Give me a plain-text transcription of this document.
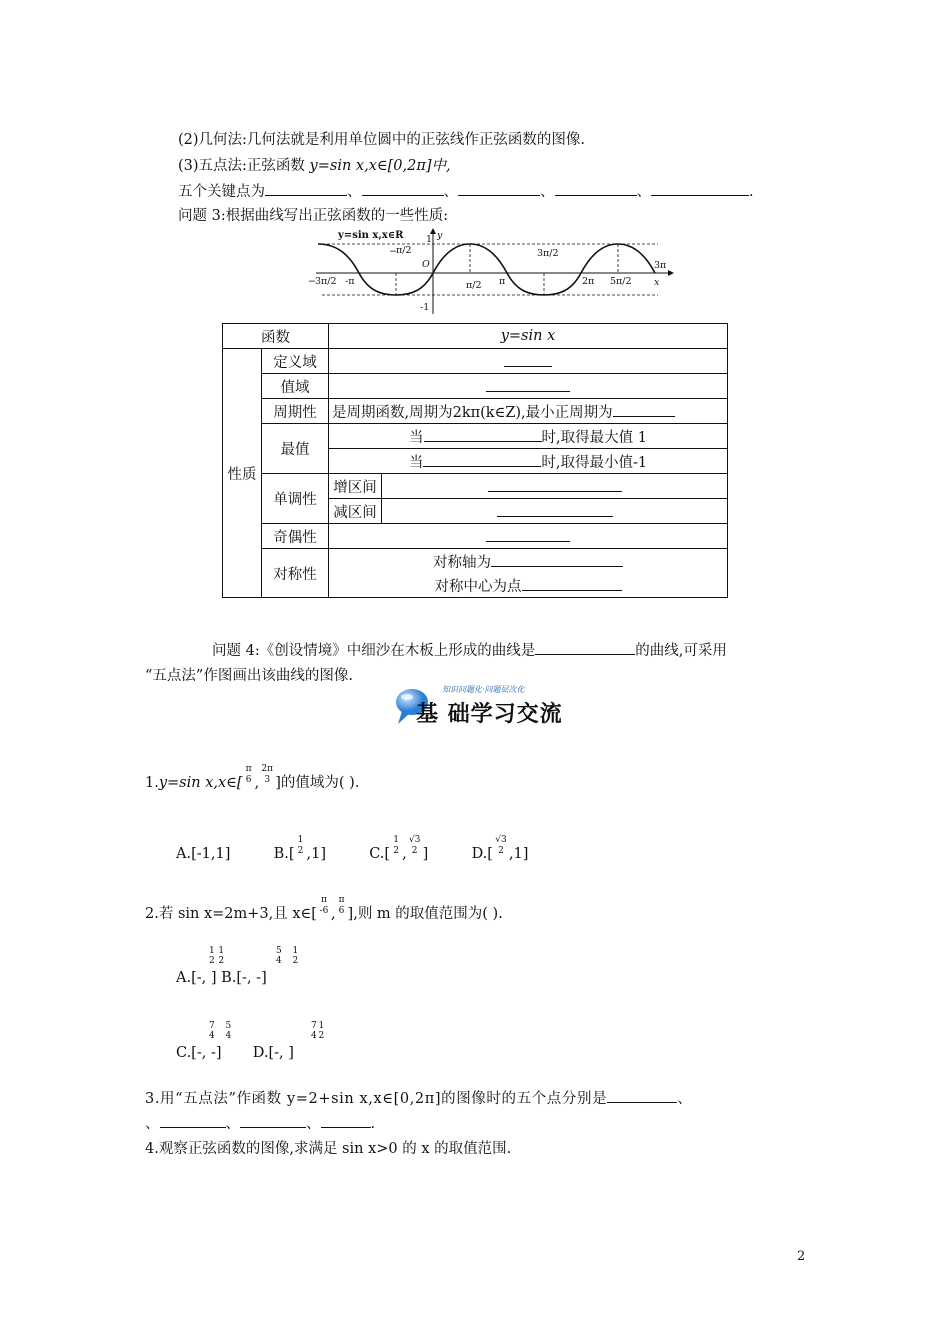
(2)几何法:几何法就是利用单位圆中的正弦线作正弦函数的图像.
(3)五点法:正弦函数 y=sin x,x∈[0,2π]中,
五个关键点为	、	、	、	、	.
问题 3:根据曲线写出正弦函数的一些性质:
y=sin x,x∈R 1
-1
O
y
x
− π/2
-π
− 3π/2	π/2 π
3π/2
2π 5π/2
3π
函数		y=sin x	
性质	定义域		
	值域		
	周期性	是周期函数,周期为2kπ(k∈Z),最小正周期为	
	最值	当 时,取得最大值 1	
		当 时,取得最小值-1	
	单调性	增区间	
		减区间	
	奇偶性		
	对称性	对称轴为	
		对称中心为点	
问题 4:《创设情境》中细沙在木板上形成的曲线是	的曲线,可采用
“五点法”作图画出该曲线的图像.
知识问题化·问题层次化
基 础学习交流
1.y=sin x,x∈[
π
6 ,
2π
3 ]的值域为( ).
A.[-1,1]	B.[
1
2 ,1]	C.[
1
2 ,
√3
2 ]	D.[
√3
2 ,1]
2.若 sin x=2m+3,且 x∈[
π
-6 ,
π
6 ],则 m 的取值范围为( ).
A.[-, ] B.[-, -]
1  1
2  2
5  1
4  2
C.[-, -] D.[-, ]
7  5
4  4
7 1
4 2
3.用“五点法”作函数 y=2+sin x,x∈[0,2π]的图像时的五个点分别是	、
、	、	、	.
4.观察正弦函数的图像,求满足 sin x>0 的 x 的取值范围.
2
